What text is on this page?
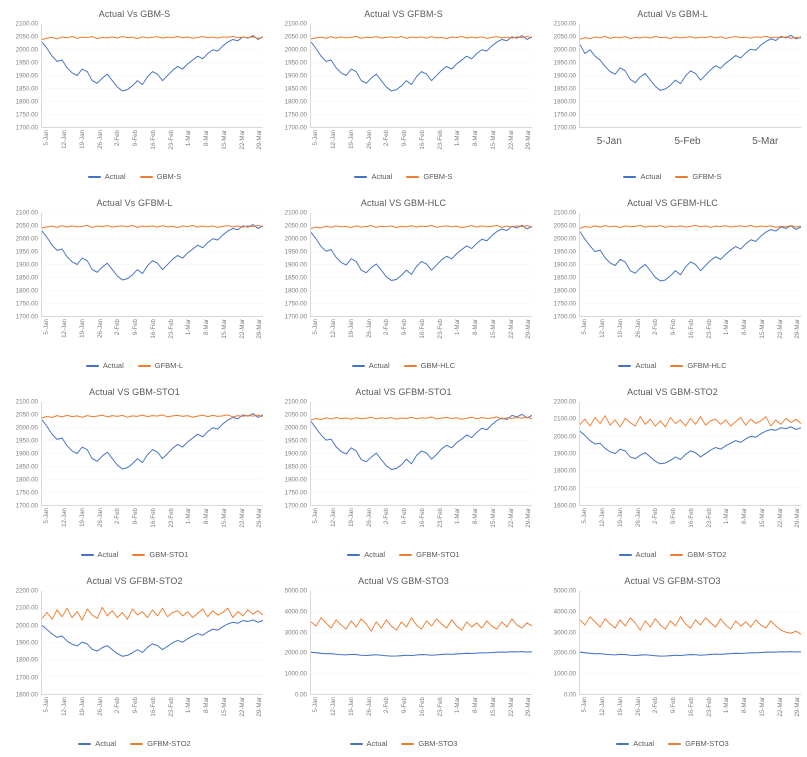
Actual Vs GBM-S
2100.00
2050.00
2000.00
1950.00
1900.00
1850.00
1800.00
1750.00
1700.00
5-Jan 12-Jan 19-Jan 26-Jan 2-Feb 9-Feb 16-Feb 23-Feb 1-Mar 8-Mar 15-Mar 22-Mar 29-Mar
Actual	GBM-S
Actual VS GFBM-S
2100.00
2050.00
2000.00
1950.00
1900.00
1850.00
1800.00
1750.00
1700.00
5-Jan 12-Jan 19-Jan 26-Jan 2-Feb 9-Feb 16-Feb 23-Feb 1-Mar 8-Mar 15-Mar 22-Mar 29-Mar
Actual	GFBM-S
Actual Vs GBM-L
2100.00
2050.00
2000.00
1950.00
1900.00
1850.00
1800.00
1750.00
1700.00
5-Jan	5-Feb	5-Mar
Actual	GFBM-S
Actual Vs GFBM-L
2100.00
2050.00
2000.00
1950.00
1900.00
1850.00
1800.00
1750.00
1700.00
5-Jan 12-Jan 19-Jan 26-Jan 2-Feb 9-Feb 16-Feb 23-Feb 1-Mar 8-Mar 15-Mar 22-Mar 29-Mar
Actual	GFBM-L
Actual VS GBM-HLC
2100.00
2050.00
2000.00
1950.00
1900.00
1850.00
1800.00
1750.00
1700.00
5-Jan 12-Jan 19-Jan 26-Jan 2-Feb 9-Feb 16-Feb 23-Feb 1-Mar 8-Mar 15-Mar 22-Mar 29-Mar
Actual	GBM-HLC
Actual VS GFBM-HLC
2100.00
2050.00
2000.00
1950.00
1900.00
1850.00
1800.00
1750.00
1700.00
5-Jan 12-Jan 19-Jan 26-Jan 2-Feb 9-Feb 16-Feb 23-Feb 1-Mar 8-Mar 15-Mar 22-Mar 29-Mar
Actual	GFBM-HLC
Actual VS GBM-STO1
2100.00
2050.00
2000.00
1950.00
1900.00
1850.00
1800.00
1750.00
1700.00
5-Jan 12-Jan 19-Jan 26-Jan 2-Feb 9-Feb 16-Feb 23-Feb 1-Mar 8-Mar 15-Mar 22-Mar 29-Mar
Actual	GBM-STO1
Actual VS GFBM-STO1
2100.00
2050.00
2000.00
1950.00
1900.00
1850.00
1800.00
1750.00
1700.00
5-Jan 12-Jan 19-Jan 26-Jan 2-Feb 9-Feb 16-Feb 23-Feb 1-Mar 8-Mar 15-Mar 22-Mar 29-Mar
Actual	GFBM-STO1
Actual VS GBM-STO2
2200.00
2100.00
2000.00
1900.00
1800.00
1700.00
1600.00
5-Jan 12-Jan 19-Jan 26-Jan 2-Feb 9-Feb 16-Feb 23-Feb 1-Mar 8-Mar 15-Mar 22-Mar 29-Mar
Actual	GBM-STO2
Actual VS GFBM-STO2
2200.00
2100.00
2000.00
1900.00
1800.00
1700.00
1600.00
5-Jan 12-Jan 19-Jan 26-Jan 2-Feb 9-Feb 16-Feb 23-Feb 1-Mar 8-Mar 15-Mar 22-Mar 29-Mar
Actual	GFBM-STO2
Actual VS GBM-STO3
5000.00
4000.00
3000.00
2000.00
1000.00
0.00
5-Jan 12-Jan 19-Jan 26-Jan 2-Feb 9-Feb 16-Feb 23-Feb 1-Mar 8-Mar 15-Mar 22-Mar 29-Mar
Actual	GBM-STO3
Actual VS GFBM-STO3
5000.00
4000.00
3000.00
2000.00
1000.00
0.00
5-Jan 12-Jan 19-Jan 26-Jan 2-Feb 9-Feb 16-Feb 23-Feb 1-Mar 8-Mar 15-Mar 22-Mar 29-Mar
Actual	GFBM-STO3
